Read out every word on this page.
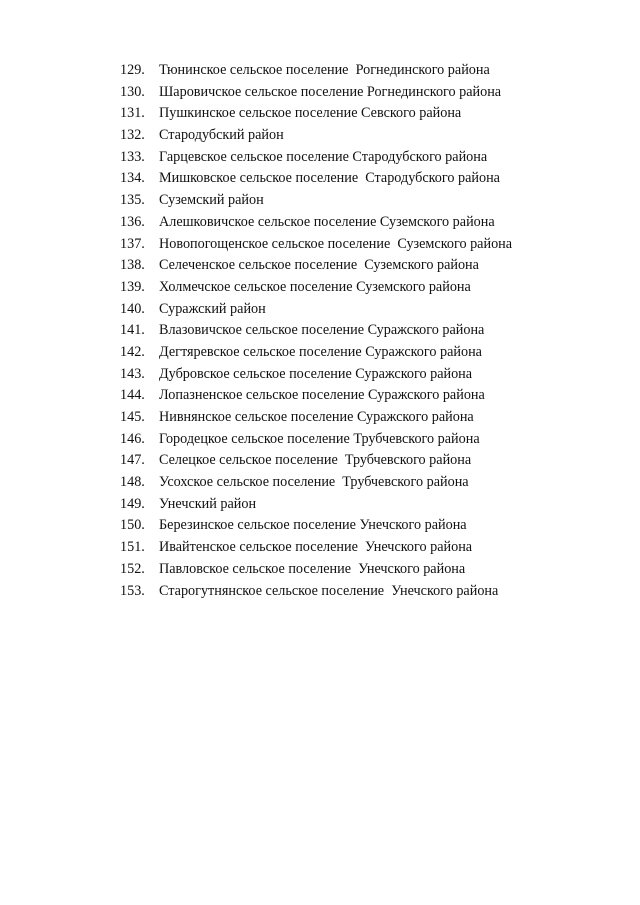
129. Тюнинское сельское поселение  Рогнединского района
130. Шаровичское сельское поселение Рогнединского района
131. Пушкинское сельское поселение Севского района
132. Стародубский район
133. Гарцевское сельское поселение Стародубского района
134. Мишковское сельское поселение  Стародубского района
135. Суземский район
136. Алешковичское сельское поселение Суземского района
137. Новопогощенское сельское поселение  Суземского района
138. Селеченское сельское поселение  Суземского района
139. Холмечское сельское поселение Суземского района
140. Суражский район
141. Влазовичское сельское поселение Суражского района
142. Дегтяревское сельское поселение Суражского района
143. Дубровское сельское поселение Суражского района
144. Лопазненское сельское поселение Суражского района
145. Нивнянское сельское поселение Суражского района
146. Городецкое сельское поселение Трубчевского района
147. Селецкое сельское поселение  Трубчевского района
148. Усохское сельское поселение  Трубчевского района
149. Унечский район
150. Березинское сельское поселение Унечского района
151. Ивайтенское сельское поселение  Унечского района
152. Павловское сельское поселение  Унечского района
153. Старогутнянское сельское поселение  Унечского района
